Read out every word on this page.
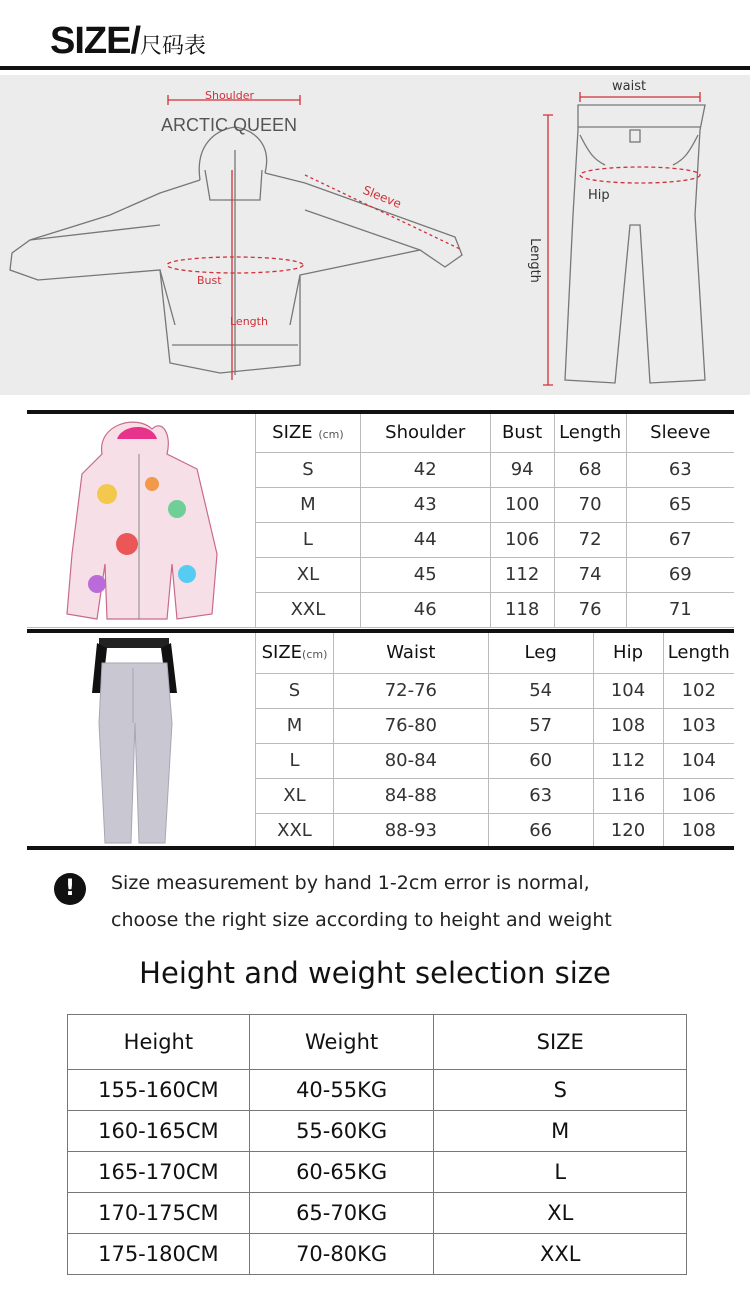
SIZE/尺码表
Shoulder
ARCTIC QUEEN
Sleeve
Bust
Length
waist
Hip
Length
SIZE (cm)	Shoulder	Bust	Length	Sleeve
S	42	94	68	63
M	43	100	70	65
L	44	106	72	67
XL	45	112	74	69
XXL	46	118	76	71
SIZE(cm)	Waist	Leg	Hip	Length
S	72-76	54	104	102
M	76-80	57	108	103
L	80-84	60	112	104
XL	84-88	63	116	106
XXL	88-93	66	120	108
!	Size measurement by hand 1-2cm error is normal,
choose the right size according to height and weight
Height and weight selection size
Height	Weight	SIZE
155-160CM	40-55KG	S
160-165CM	55-60KG	M
165-170CM	60-65KG	L
170-175CM	65-70KG	XL
175-180CM	70-80KG	XXL
